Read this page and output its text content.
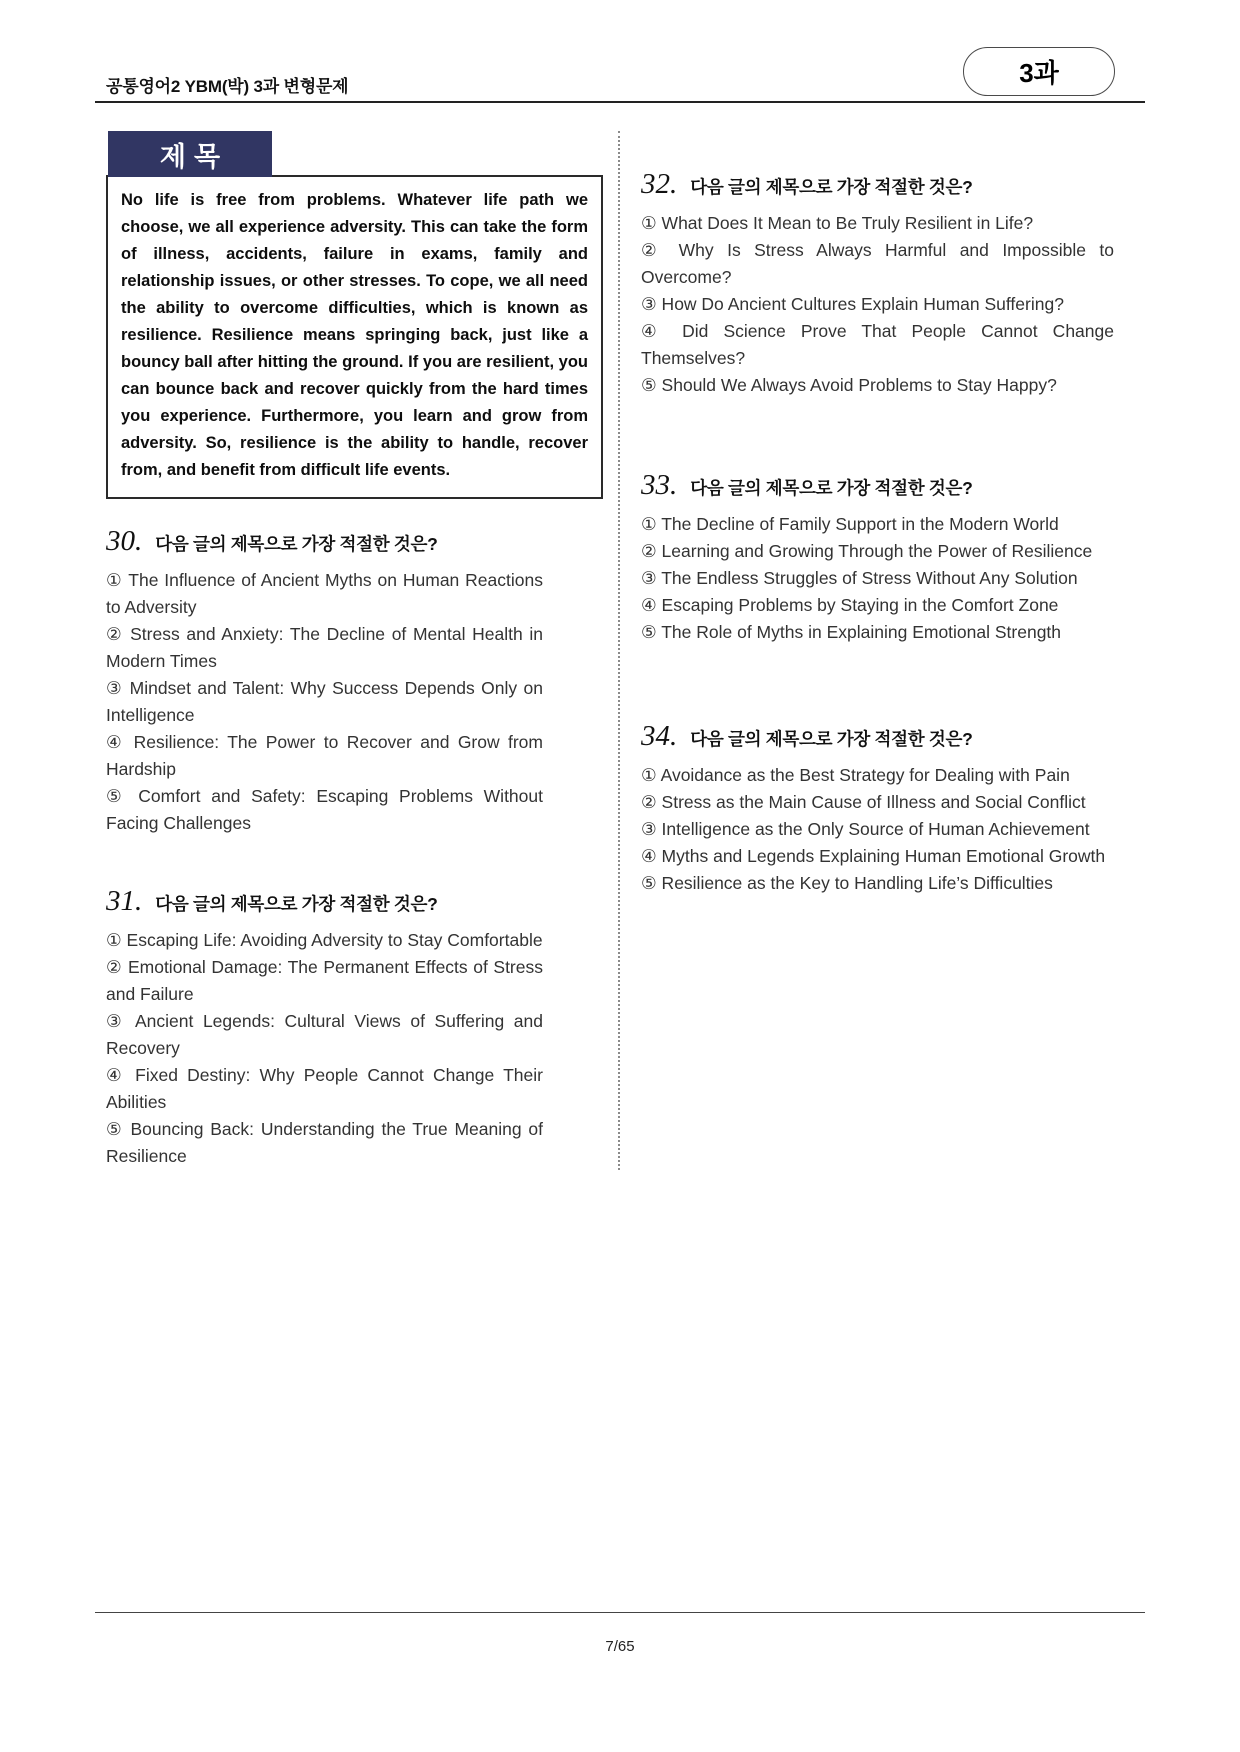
공통영어2 YBM(박) 3과 변형문제	3과
제목
No life is free from problems. Whatever life path we choose, we all experience adversity. This can take the form of illness, accidents, failure in exams, family and relationship issues, or other stresses. To cope, we all need the ability to overcome difficulties, which is known as resilience. Resilience means springing back, just like a bouncy ball after hitting the ground. If you are resilient, you can bounce back and recover quickly from the hard times you experience. Furthermore, you learn and grow from adversity. So, resilience is the ability to handle, recover from, and benefit from difficult life events.
30. 다음 글의 제목으로 가장 적절한 것은?

① The Influence of Ancient Myths on Human Reactions to Adversity

② Stress and Anxiety: The Decline of Mental Health in Modern Times

③ Mindset and Talent: Why Success Depends Only on Intelligence

④ Resilience: The Power to Recover and Grow from Hardship

⑤ Comfort and Safety: Escaping Problems Without Facing Challenges

31. 다음 글의 제목으로 가장 적절한 것은?

① Escaping Life: Avoiding Adversity to Stay Comfortable

② Emotional Damage: The Permanent Effects of Stress and Failure

③ Ancient Legends: Cultural Views of Suffering and Recovery

④ Fixed Destiny: Why People Cannot Change Their Abilities

⑤ Bouncing Back: Understanding the True Meaning of Resilience

32. 다음 글의 제목으로 가장 적절한 것은?

① What Does It Mean to Be Truly Resilient in Life?

② Why Is Stress Always Harmful and Impossible to Overcome?

③ How Do Ancient Cultures Explain Human Suffering?

④ Did Science Prove That People Cannot Change Themselves?

⑤ Should We Always Avoid Problems to Stay Happy?

33. 다음 글의 제목으로 가장 적절한 것은?

① The Decline of Family Support in the Modern World

② Learning and Growing Through the Power of Resilience

③ The Endless Struggles of Stress Without Any Solution

④ Escaping Problems by Staying in the Comfort Zone

⑤ The Role of Myths in Explaining Emotional Strength

34. 다음 글의 제목으로 가장 적절한 것은?

① Avoidance as the Best Strategy for Dealing with Pain

② Stress as the Main Cause of Illness and Social Conflict

③ Intelligence as the Only Source of Human Achievement

④ Myths and Legends Explaining Human Emotional Growth

⑤ Resilience as the Key to Handling Life’s Difficulties

7/65
